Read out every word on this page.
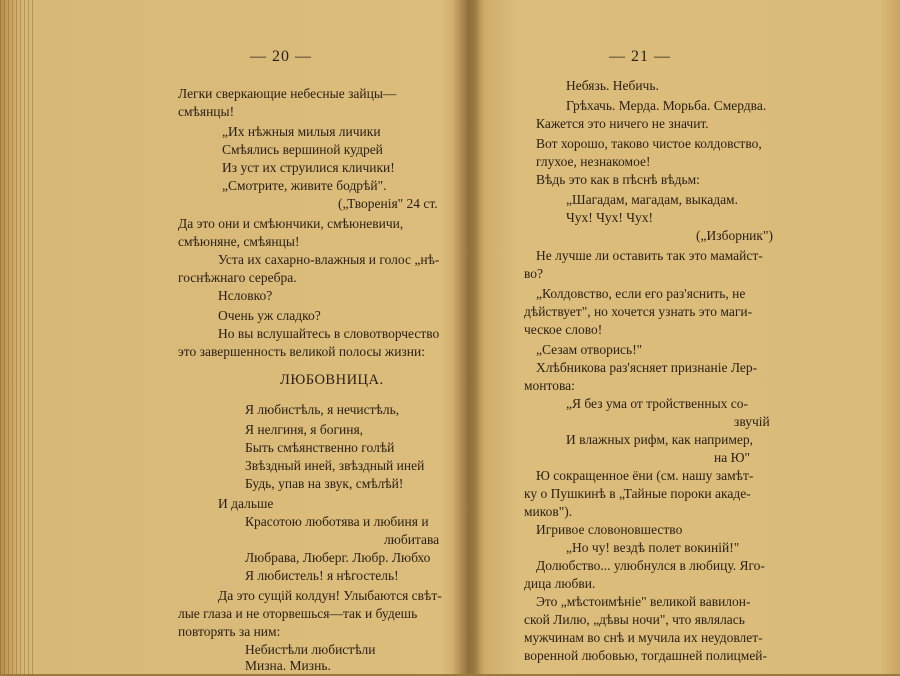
— 20 —
Легки сверкающие небесные зайцы—
смѣянцы!
„Их нѣжныя милыя личики
Смѣялись вершиной кудрей
Из уст их струилися кличики!
„Смотрите, живите бодрѣй".
(„Творенія" 24 ст.
Да это они и смѣюнчики, смѣюневичи,
смѣюняне, смѣянцы!
Уста их сахарно-влажныя и голос „нѣ-
госнѣжнаго серебра.
Нсловко?
Очень уж сладко?
Но вы вслушайтесь в словотворчество
это завершенность великой полосы жизни:
ЛЮБОВНИЦА.
Я любистѣль, я нечистѣль,
Я нелгиня, я богиня,
Быть смѣянственно голѣй
Звѣздный иней, звѣздный иней
Будь, упав на звук, смѣлѣй!
И дальше
Красотою люботява и любиня и
любитава
Любрава, Люберг. Любр. Любхо
Я любистель! я нѣгостель!
Да это сущій колдун! Улыбаются свѣт-
лые глаза и не оторвешься—так и будешь
повторять за ним:
Небистѣли любистѣли
Мизна. Мизнь.
— 21 —
Небязь. Небичь.
Грѣхачь. Мерда. Морьба. Смердва.
Кажется это ничего не значит.
Вот хорошо, таково чистое колдовство,
глухое, незнакомое!
Вѣдь это как в пѣснѣ вѣдьм:
„Шагадам, магадам, выкадам.
Чух! Чух! Чух!
(„Изборник")
Не лучше ли оставить так это мамайст-
во?
„Колдовство, если его раз'яснить, не
дѣйствует", но хочется узнать это маги-
ческое слово!
„Сезам отворись!"
Хлѣбникова раз'ясняет признаніе Лер-
монтова:
„Я без ума от тройственных со-
звучій
И влажных рифм, как например,
на Ю"
Ю сокращенное ёни (см. нашу замѣт-
ку о Пушкинѣ в „Тайные пороки акаде-
миков").
Игривое словоновшество
„Но чу! вездѣ полет вокиній!"
Долюбство... улюбнулся в любицу. Яго-
дица любви.
Это „мѣстоимѣніе" великой вавилон-
ской Лилю, „дѣвы ночи", что являлась
мужчинам во снѣ и мучила их неудовлет-
воренной любовью, тогдашней полицмей-
